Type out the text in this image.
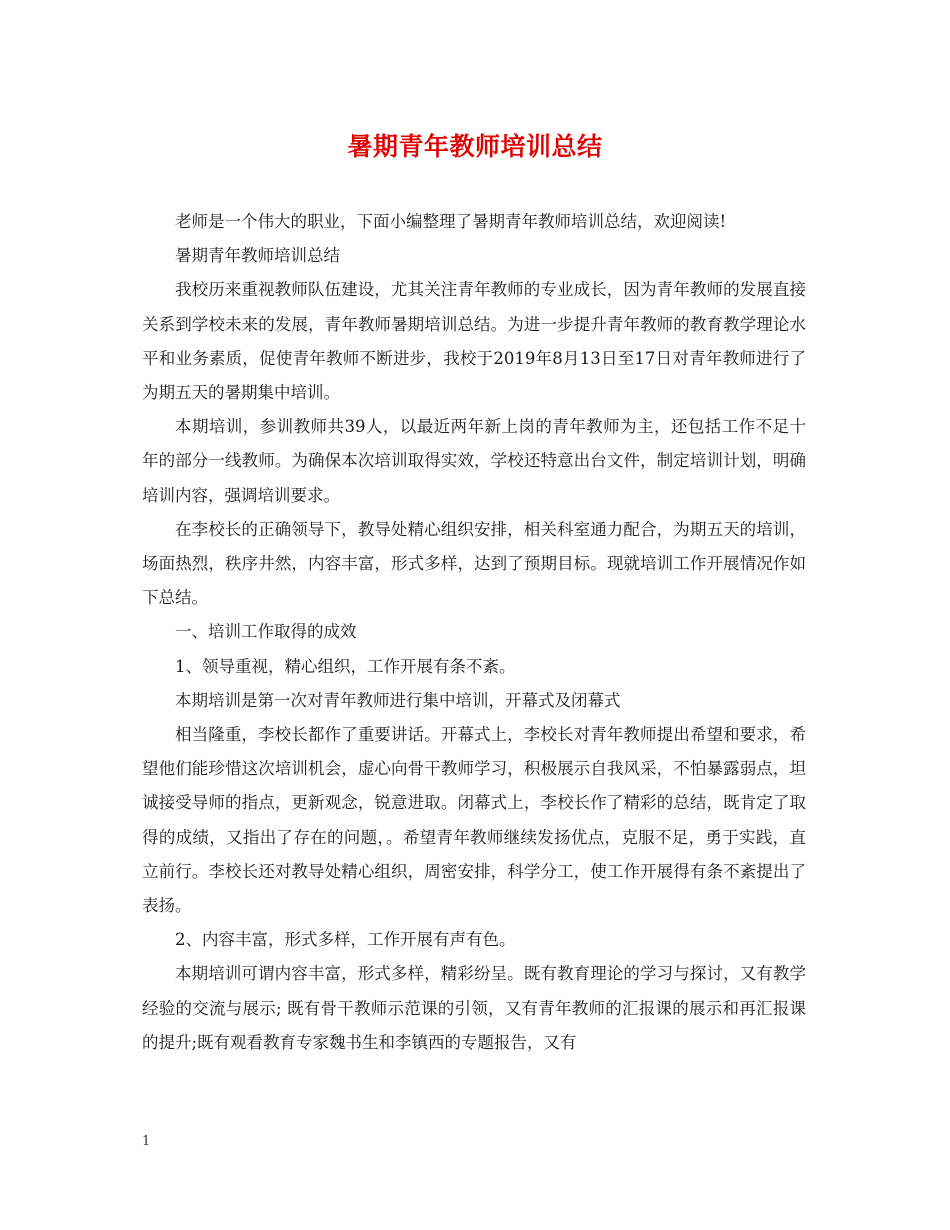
暑期青年教师培训总结

老师是一个伟大的职业，下面小编整理了暑期青年教师培训总结，欢迎阅读!

暑期青年教师培训总结

我校历来重视教师队伍建设，尤其关注青年教师的专业成长，因为青年教师的发展直接关系到学校未来的发展，青年教师暑期培训总结。为进一步提升青年教师的教育教学理论水平和业务素质，促使青年教师不断进步，我校于2019年8月13日至17日对青年教师进行了为期五天的暑期集中培训。

本期培训，参训教师共39人，以最近两年新上岗的青年教师为主，还包括工作不足十年的部分一线教师。为确保本次培训取得实效，学校还特意出台文件，制定培训计划，明确培训内容，强调培训要求。

在李校长的正确领导下，教导处精心组织安排，相关科室通力配合，为期五天的培训，场面热烈，秩序井然，内容丰富，形式多样，达到了预期目标。现就培训工作开展情况作如下总结。

一、培训工作取得的成效

1、领导重视，精心组织，工作开展有条不紊。

本期培训是第一次对青年教师进行集中培训，开幕式及闭幕式

相当隆重，李校长都作了重要讲话。开幕式上，李校长对青年教师提出希望和要求，希望他们能珍惜这次培训机会，虚心向骨干教师学习，积极展示自我风采，不怕暴露弱点，坦诚接受导师的指点，更新观念，锐意进取。闭幕式上，李校长作了精彩的总结，既肯定了取得的成绩，又指出了存在的问题，。希望青年教师继续发扬优点，克服不足，勇于实践，直立前行。李校长还对教导处精心组织，周密安排，科学分工，使工作开展得有条不紊提出了表扬。

2、内容丰富，形式多样，工作开展有声有色。

本期培训可谓内容丰富，形式多样，精彩纷呈。既有教育理论的学习与探讨，又有教学经验的交流与展示; 既有骨干教师示范课的引领，又有青年教师的汇报课的展示和再汇报课的提升;既有观看教育专家魏书生和李镇西的专题报告，又有

1
